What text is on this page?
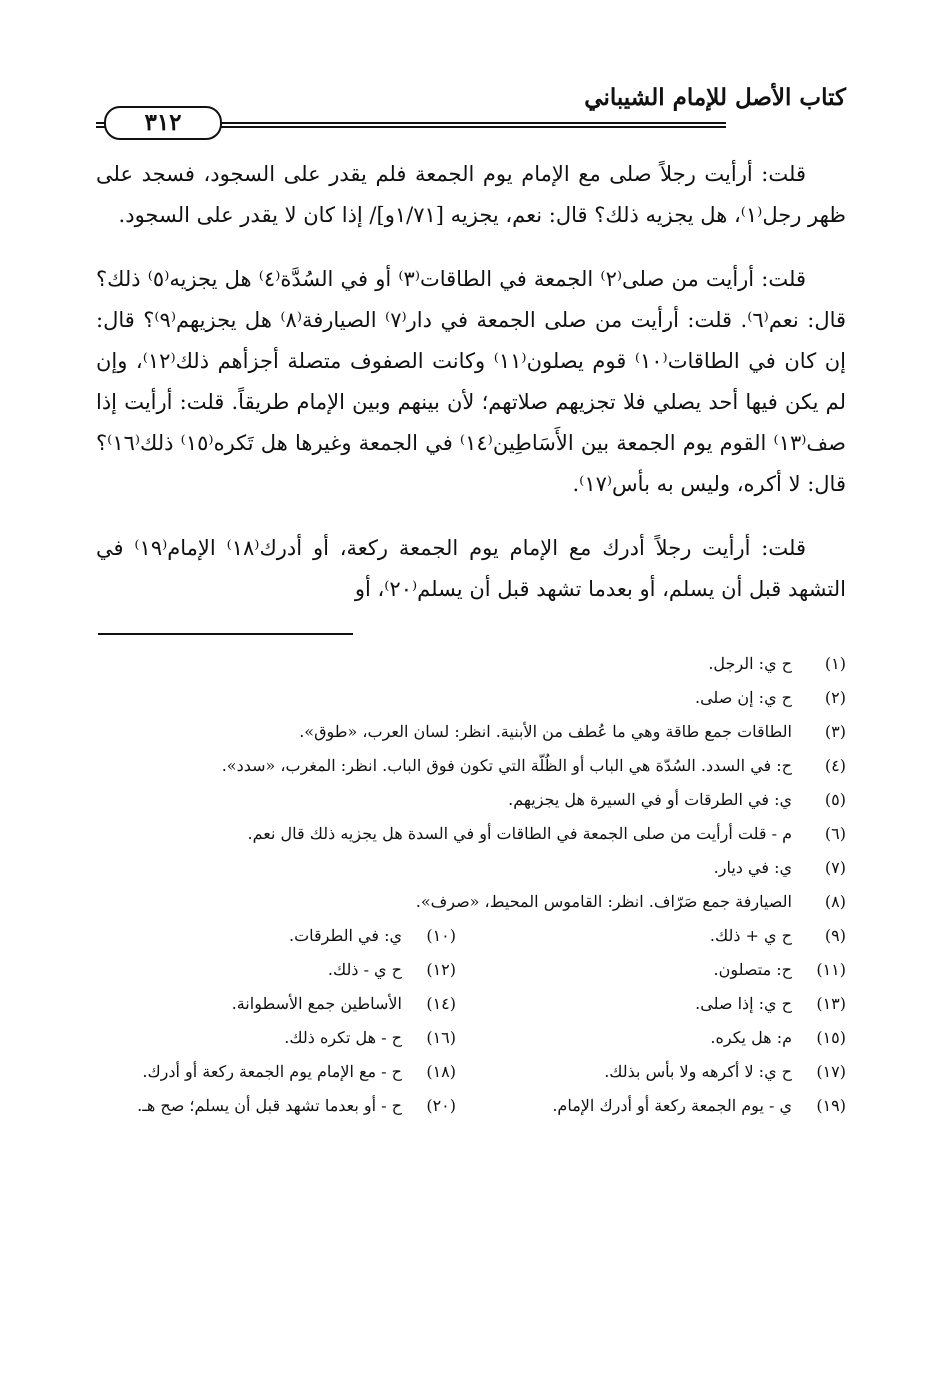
كتاب الأصل للإمام الشيباني
٣١٢

قلت: أرأيت رجلاً صلى مع الإمام يوم الجمعة فلم يقدر على السجود، فسجد على ظهر رجل⁽١⁾، هل يجزيه ذلك؟ قال: نعم، يجزيه [١/٧١و]/ إذا كان لا يقدر على السجود.

قلت: أرأيت من صلى⁽٢⁾ الجمعة في الطاقات⁽٣⁾ أو في السُدَّة⁽٤⁾ هل يجزيه⁽٥⁾ ذلك؟ قال: نعم⁽٦⁾. قلت: أرأيت من صلى الجمعة في دار⁽٧⁾ الصيارفة⁽٨⁾ هل يجزيهم⁽٩⁾؟ قال: إن كان في الطاقات⁽١٠⁾ قوم يصلون⁽١١⁾ وكانت الصفوف متصلة أجزأهم ذلك⁽١٢⁾، وإن لم يكن فيها أحد يصلي فلا تجزيهم صلاتهم؛ لأن بينهم وبين الإمام طريقاً. قلت: أرأيت إذا صف⁽١٣⁾ القوم يوم الجمعة بين الأَسَاطِين⁽١٤⁾ في الجمعة وغيرها هل تَكره⁽١٥⁾ ذلك⁽١٦⁾؟ قال: لا أكره، وليس به بأس⁽١٧⁾.

قلت: أرأيت رجلاً أدرك مع الإمام يوم الجمعة ركعة، أو أدرك⁽١٨⁾ الإمام⁽١٩⁾ في التشهد قبل أن يسلم، أو بعدما تشهد قبل أن يسلم⁽٢٠⁾، أو

(١)
ح ي: الرجل.
(٢)
ح ي: إن صلى.
(٣)
الطاقات جمع طاقة وهي ما عُطف من الأبنية. انظر: لسان العرب، «طوق».
(٤)
ح: في السدد. السُدّة هي الباب أو الظُلّة التي تكون فوق الباب. انظر: المغرب، «سدد».
(٥)
ي: في الطرقات أو في السيرة هل يجزيهم.
(٦)
م - قلت أرأيت من صلى الجمعة في الطاقات أو في السدة هل يجزيه ذلك قال نعم.
(٧)
ي: في ديار.
(٨)
الصيارفة جمع صَرّاف. انظر: القاموس المحيط، «صرف».
(٩)
ح ي + ذلك.
(١٠)
ي: في الطرقات.
(١١)
ح: متصلون.
(١٢)
ح ي - ذلك.
(١٣)
ح ي: إذا صلى.
(١٤)
الأساطين جمع الأسطوانة.
(١٥)
م: هل يكره.
(١٦)
ح - هل تكره ذلك.
(١٧)
ح ي: لا أكرهه ولا بأس بذلك.
(١٨)
ح - مع الإمام يوم الجمعة ركعة أو أدرك.
(١٩)
ي - يوم الجمعة ركعة أو أدرك الإمام.
(٢٠)
ح - أو بعدما تشهد قبل أن يسلم؛ صح هـ.
